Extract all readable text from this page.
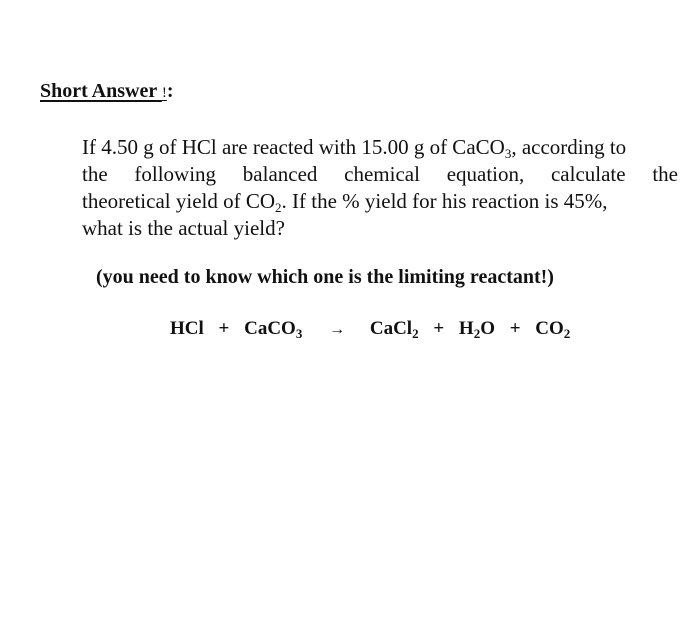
Short Answer !:
If 4.50 g of HCl are reacted with 15.00 g of CaCO$_3$, according to
the following balanced chemical equation, calculate the
theoretical yield of $CO_2$. If the % yield for his reaction is 45%,
what is the actual yield?
(you need to know which one is the limiting reactant!)
HCl + CaCO$_3$ → CaCl$_2$ + $H_2O + CO_2$
